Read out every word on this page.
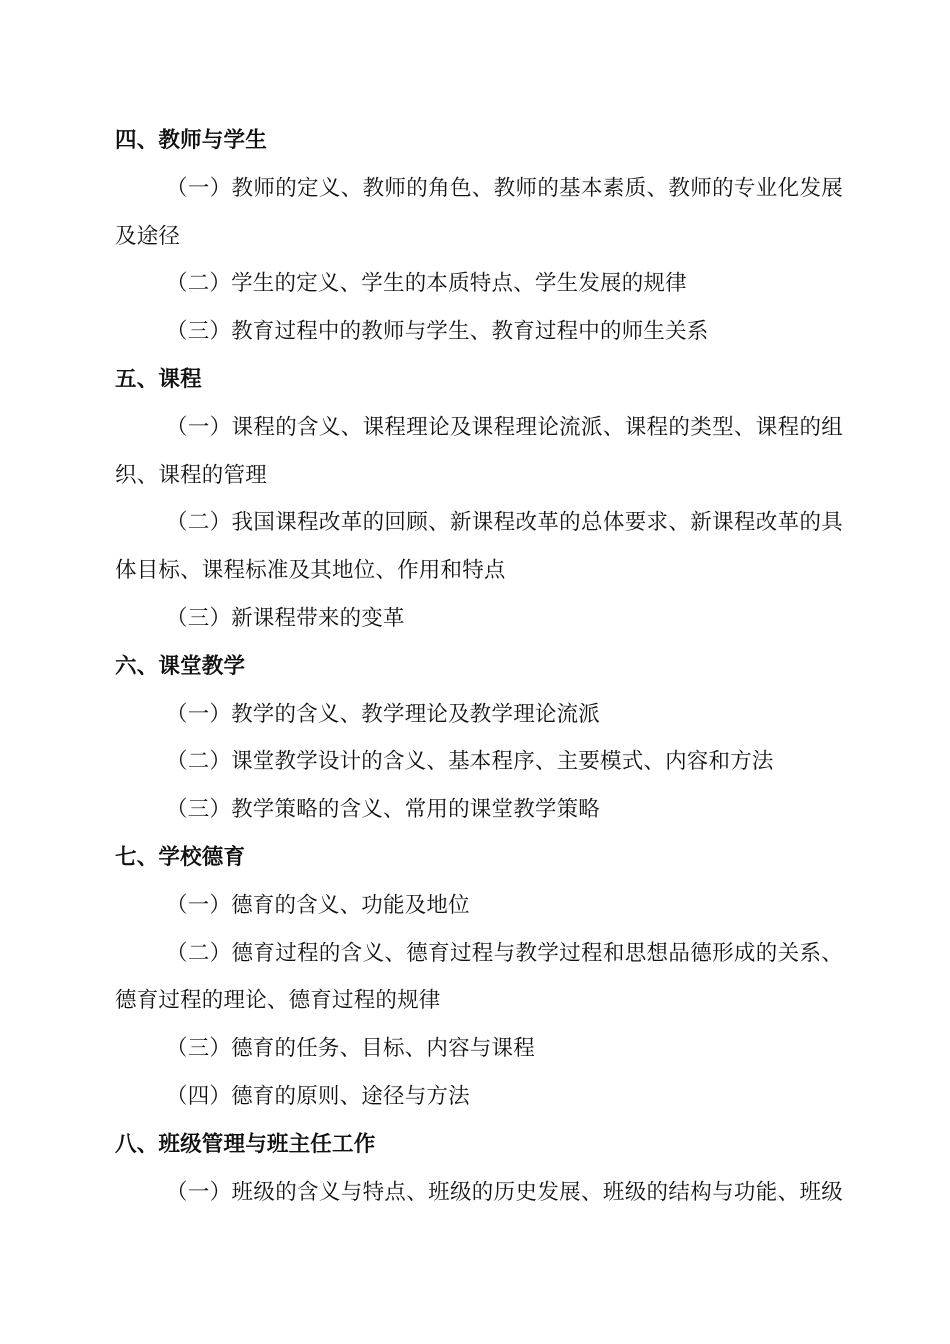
四、教师与学生
（一）教师的定义、教师的角色、教师的基本素质、教师的专业化发展
及途径
（二）学生的定义、学生的本质特点、学生发展的规律
（三）教育过程中的教师与学生、教育过程中的师生关系
五、课程
（一）课程的含义、课程理论及课程理论流派、课程的类型、课程的组
织、课程的管理
（二）我国课程改革的回顾、新课程改革的总体要求、新课程改革的具
体目标、课程标准及其地位、作用和特点
（三）新课程带来的变革
六、课堂教学
（一）教学的含义、教学理论及教学理论流派
（二）课堂教学设计的含义、基本程序、主要模式、内容和方法
（三）教学策略的含义、常用的课堂教学策略
七、学校德育
（一）德育的含义、功能及地位
（二）德育过程的含义、德育过程与教学过程和思想品德形成的关系、
德育过程的理论、德育过程的规律
（三）德育的任务、目标、内容与课程
（四）德育的原则、途径与方法
八、班级管理与班主任工作
（一）班级的含义与特点、班级的历史发展、班级的结构与功能、班级
